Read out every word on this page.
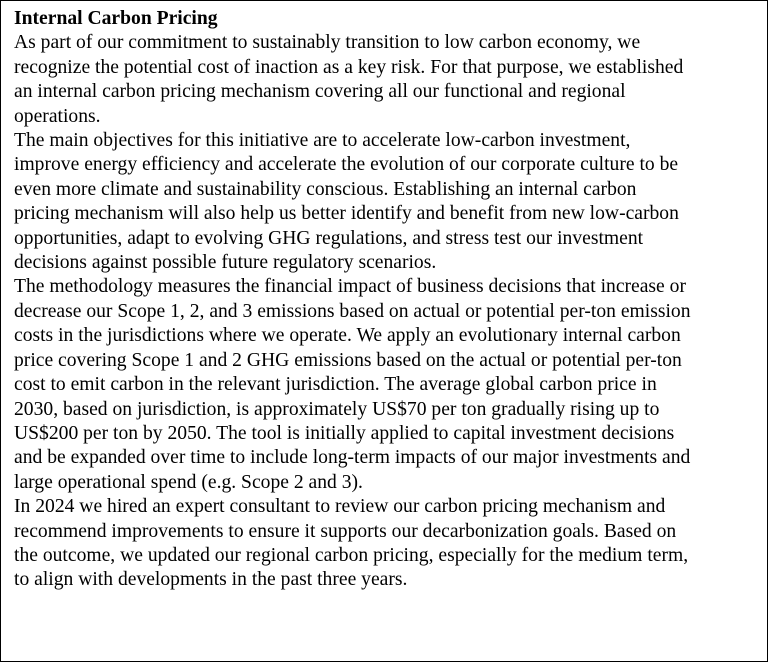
Internal Carbon Pricing
As part of our commitment to sustainably transition to low carbon economy, we
recognize the potential cost of inaction as a key risk. For that purpose, we established
an internal carbon pricing mechanism covering all our functional and regional
operations.
The main objectives for this initiative are to accelerate low-carbon investment,
improve energy efficiency and accelerate the evolution of our corporate culture to be
even more climate and sustainability conscious. Establishing an internal carbon
pricing mechanism will also help us better identify and benefit from new low-carbon
opportunities, adapt to evolving GHG regulations, and stress test our investment
decisions against possible future regulatory scenarios.
The methodology measures the financial impact of business decisions that increase or
decrease our Scope 1, 2, and 3 emissions based on actual or potential per-ton emission
costs in the jurisdictions where we operate. We apply an evolutionary internal carbon
price covering Scope 1 and 2 GHG emissions based on the actual or potential per-ton
cost to emit carbon in the relevant jurisdiction. The average global carbon price in
2030, based on jurisdiction, is approximately US$70 per ton gradually rising up to
US$200 per ton by 2050. The tool is initially applied to capital investment decisions
and be expanded over time to include long-term impacts of our major investments and
large operational spend (e.g. Scope 2 and 3).
In 2024 we hired an expert consultant to review our carbon pricing mechanism and
recommend improvements to ensure it supports our decarbonization goals. Based on
the outcome, we updated our regional carbon pricing, especially for the medium term,
to align with developments in the past three years.
